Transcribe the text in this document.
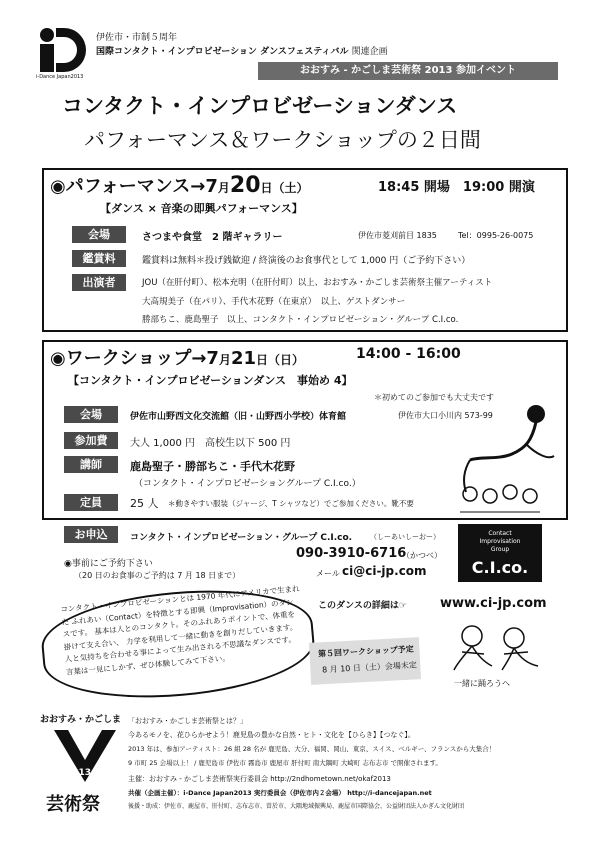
i-Dance Japan2013
伊佐市・市制５周年
国際コンタクト・インプロビゼーション ダンスフェスティバル 関連企画
おおすみ - かごしま芸術祭 2013 参加イベント
コンタクト・インプロビゼーションダンス
パフォーマンス＆ワークショップの２日間
◉パフォーマンス→7月20日（土）	18:45 開場　19:00 開演
【ダンス × 音楽の即興パフォーマンス】
会場	さつまや食堂　2 階ギャラリー	伊佐市菱刈前目 1835	Tel：0995-26-0075
鑑賞料	鑑賞料は無料＊投げ銭歓迎 / 終演後のお食事代として 1,000 円（ご予約下さい）
出演者	JOU（在肝付町）、松本充明（在肝付町）以上、おおすみ・かごしま芸術祭主催アーティスト
大高規美子（在パリ）、手代木花野（在東京）　以上、ゲストダンサー
勝部ちこ、鹿島聖子　以上、コンタクト・インプロビゼーション・グループ C.I.co.
◉ワークショップ→7月21日（日）	14:00 - 16:00
【コンタクト・インプロビゼーションダンス　事始め 4】
＊初めてのご参加でも大丈夫です
会場	伊佐市山野西文化交流館（旧・山野西小学校）体育館	伊佐市大口小川内 573-99
参加費	大人 1,000 円　高校生以下 500 円
講師	鹿島聖子・勝部ちこ・手代木花野
（コンタクト・インプロビゼーショングループ C.I.co.）
定員	25 人 ＊動きやすい服装（ジャージ、T シャツなど）でご参加ください。靴不要
お申込	コンタクト・インプロビゼーション・グループ C.I.co.	（しーあいしーおー）
090-3910-6716
（かつべ）
メール ci@ci-jp.com
◉事前にご予約下さい
（20 日のお食事のご予約は 7 月 18 日まで）
Contact Improvisation Group
C.I.co.
コンタクト・インプロビゼーションとは 1970 年代にアメリカで生まれた ふれあい（Contact）を特徴とする即興（Improvisation）のダンスです。 基本は人とのコンタクト。そのふれあうポイントで、体重を掛けて支え合い、 力学を利用して一緒に動きを創りだしていきます。 人と気持ちを合わせる事によって生み出される不思議なダンスです。 言葉は一見にしかず、ぜひ体験してみて下さい。
このダンスの詳細は☞	www.ci-jp.com
第５回ワークショップ予定
8 月 10 日（土）会場未定
一緒に踊ろうヘ
おおすみ・かごしま
2013
芸術祭
「おおすみ・かごしま芸術祭とは？」
今あるモノを、花ひらかせよう！鹿児島の豊かな自然・ヒト・文化を【ひらき】【つなぐ】。
2013 年は、参加アーティスト：26 組 28 名が 鹿児島、大分、福岡、岡山、東京、スイス、ベルギー、フランスから大集合！
9 市町 25 会場以上！ / 鹿児島市 伊佐市 霧島市 鹿屋市 肝付町 南大隅町 大崎町 志布志市 で開催されます。
主催：おおすみ - かごしま芸術祭実行委員会 http://2ndhometown.net/okaf2013
共催（企画主催）：i-Dance Japan2013 実行委員会（伊佐市内２会場） http://i-dancejapan.net
後援・助成：伊佐市、鹿屋市、肝付町、志布志市、曽於市、大隅地域振興局、鹿屋市国際協会、公益財団法人かぎん文化財団
